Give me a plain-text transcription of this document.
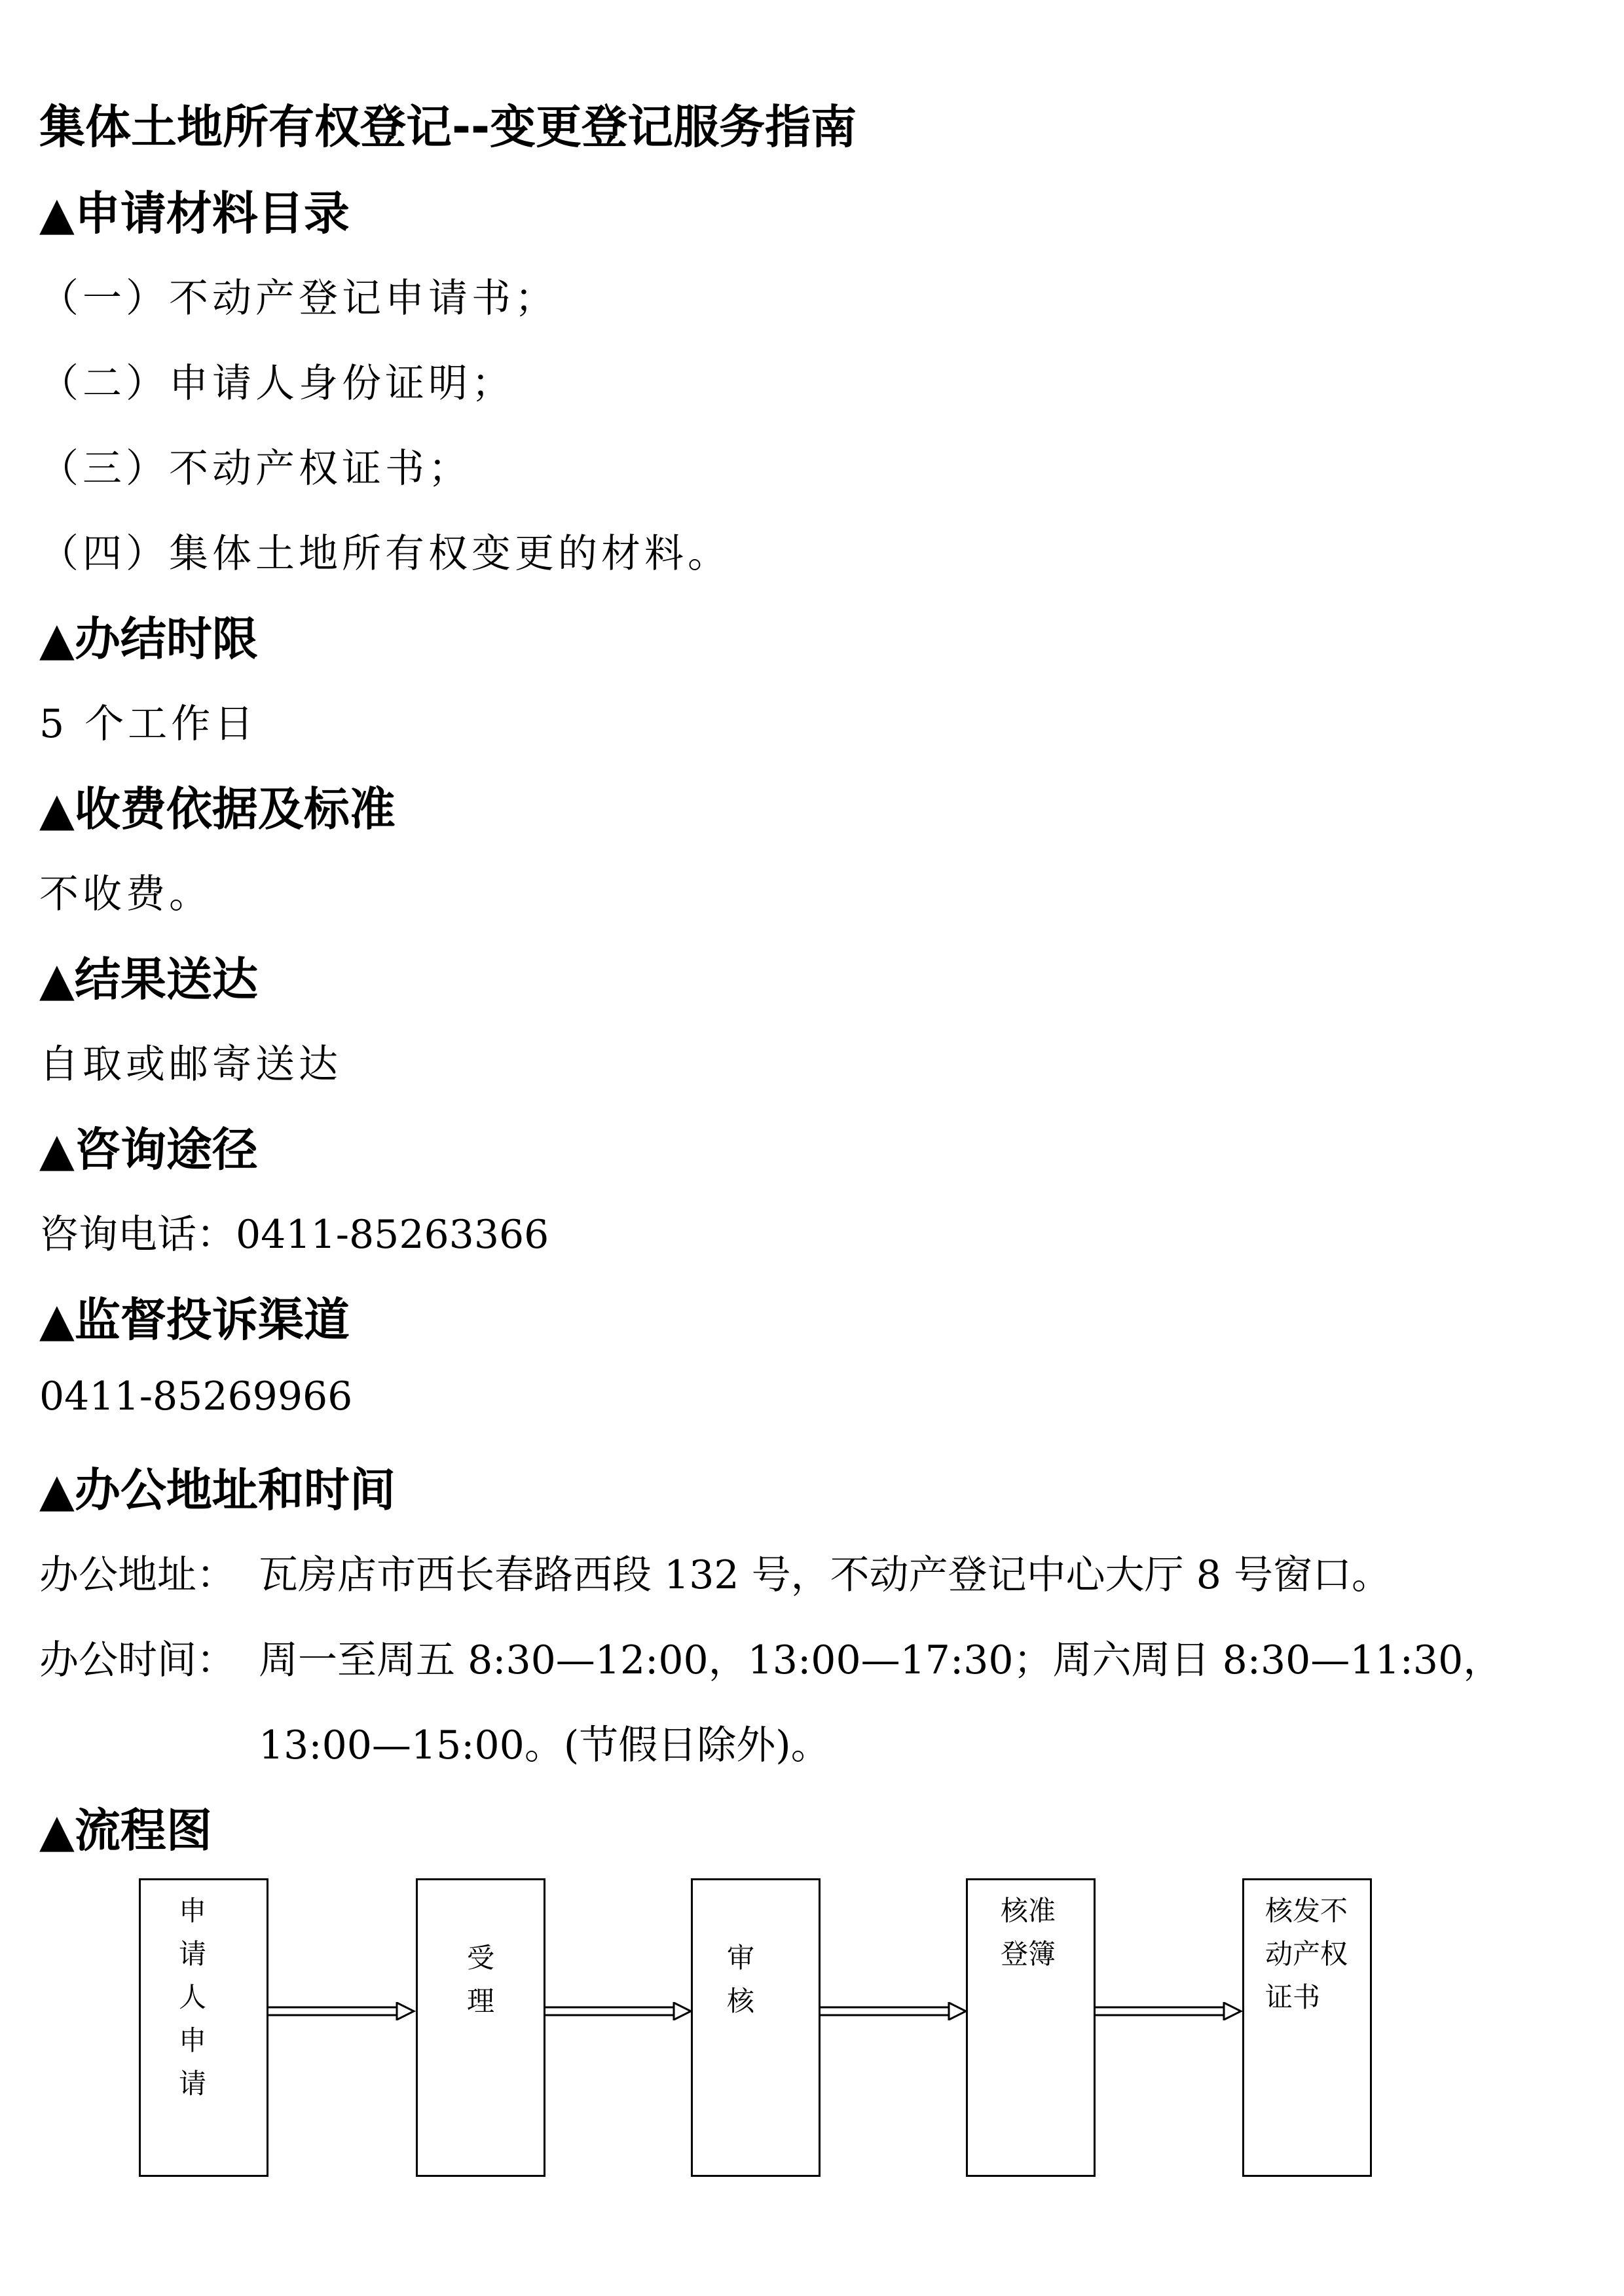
集体土地所有权登记--变更登记服务指南
▲申请材料目录
（一）不动产登记申请书；
（二）申请人身份证明；
（三）不动产权证书；
（四）集体土地所有权变更的材料。
▲办结时限
5 个工作日
▲收费依据及标准
不收费。
▲结果送达
自取或邮寄送达
▲咨询途径
咨询电话：0411-85263366
▲监督投诉渠道
0411-85269966
▲办公地址和时间
办公地址： 瓦房店市西长春路西段 132 号，不动产登记中心大厅 8 号窗口。
办公时间： 周一至周五 8:30—12:00，13:00—17:30；周六周日 8:30—11:30，
13:00—15:00。(节假日除外)。
▲流程图
申
请
人
申
请

受
理

审
核
核准
登簿
核发不
动产权
证书
